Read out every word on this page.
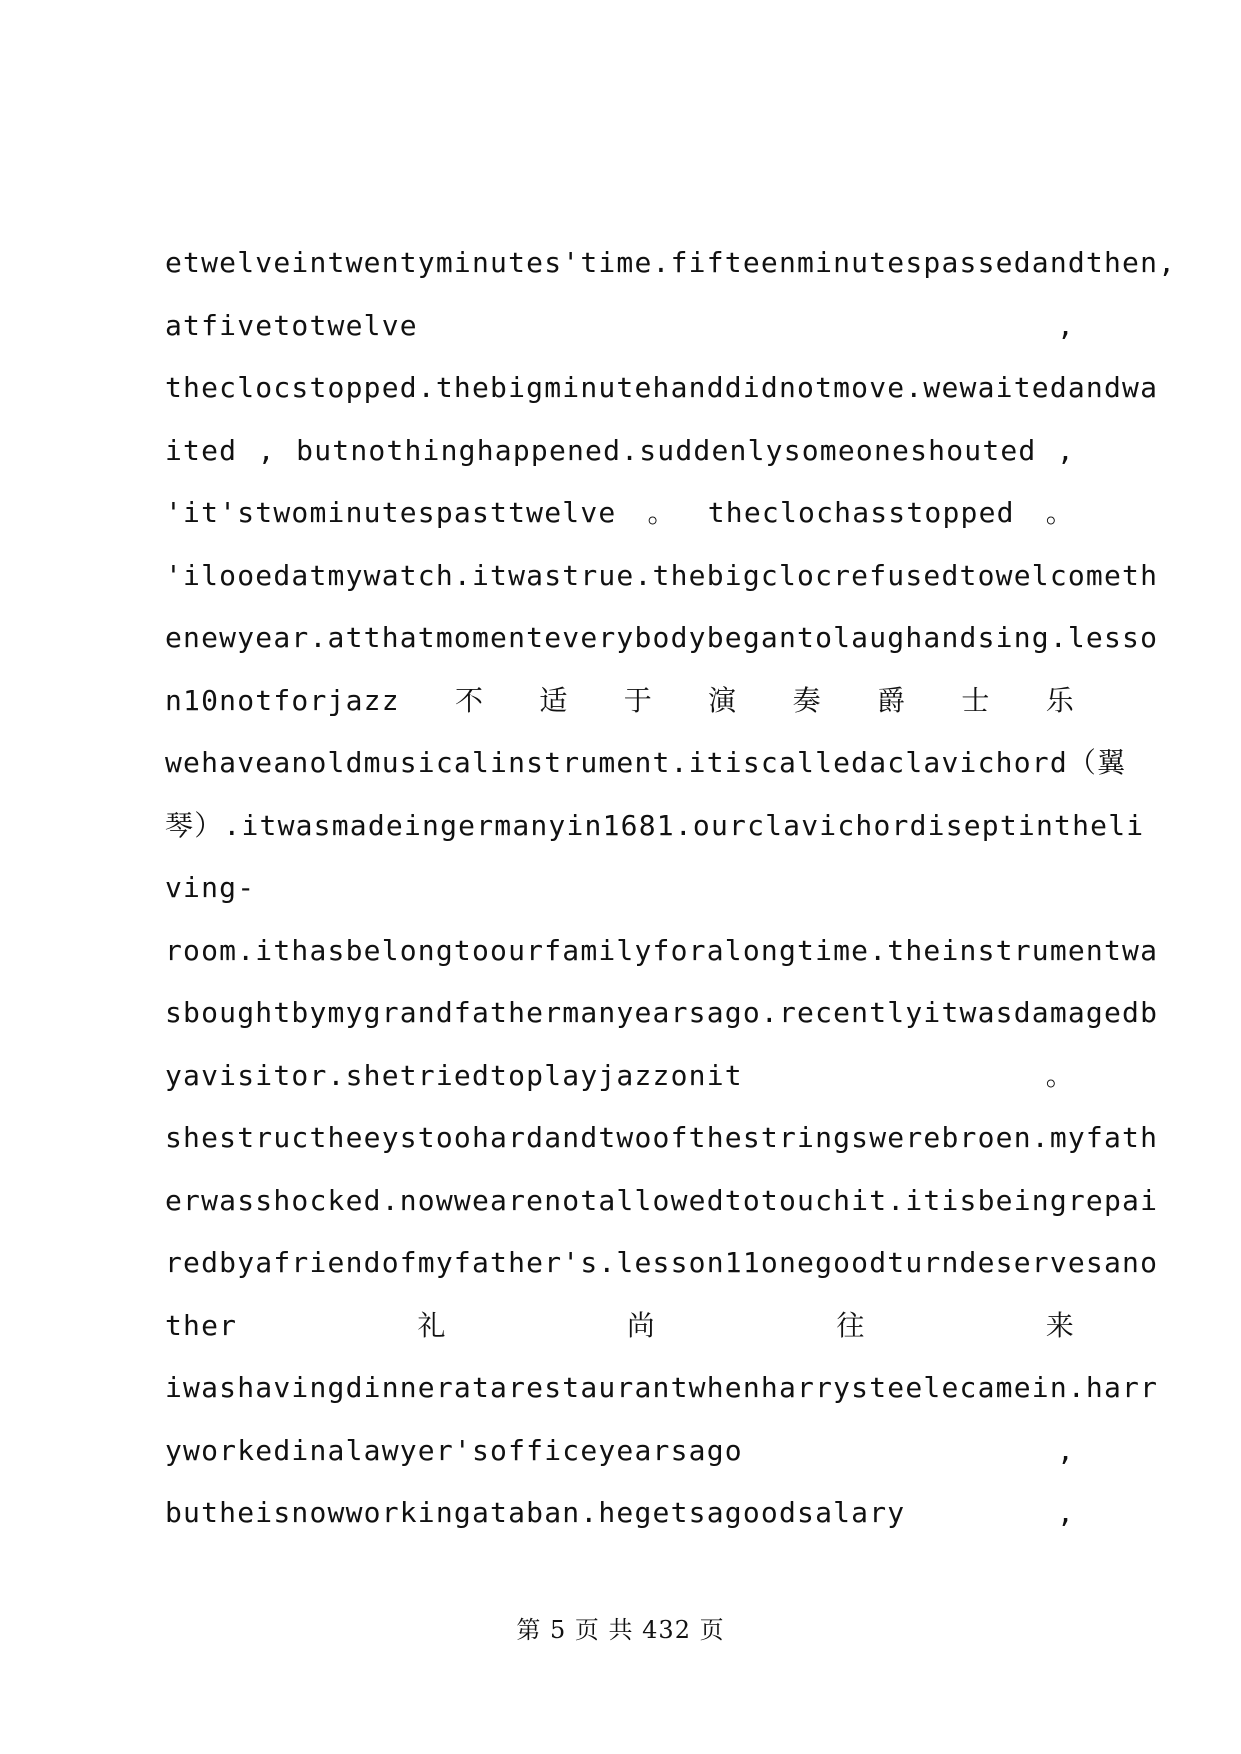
etwelveintwentyminutes'time.fifteenminutespassedandthen,
atfivetotwelve	,
theclocstopped.thebigminutehanddidnotmove.wewaitedandwa
ited , butnothinghappened.suddenlysomeoneshouted ,
'it'stwominutespasttwelve 。 theclochasstopped 。
'ilooedatmywatch.itwastrue.thebigclocrefusedtowelcometh
enewyear.atthatmomenteverybodybegantolaughandsing.lesso
n10notforjazz 不 适 于 演 奏 爵 士 乐
wehaveanoldmusicalinstrument.itiscalledaclavichord （ 翼
琴）.itwasmadeingermanyin1681.ourclavichordiseptintheli
ving-
room.ithasbelongtoourfamilyforalongtime.theinstrumentwa
sboughtbymygrandfathermanyearsago.recentlyitwasdamagedb
yavisitor.shetriedtoplayjazzonit	。
shestructheeystoohardandtwoofthestringswerebroen.myfath
erwasshocked.nowwearenotallowedtotouchit.itisbeingrepai
redbyafriendofmyfather's.lesson11onegoodturndeservesano
ther	礼	尚	往	来
iwashavingdinneratarestaurantwhenharrysteelecamein.harr
yworkedinalawyer'sofficeyearsago	,
butheisnowworkingataban.hegetsagoodsalary	,
第 5 页 共 432 页
